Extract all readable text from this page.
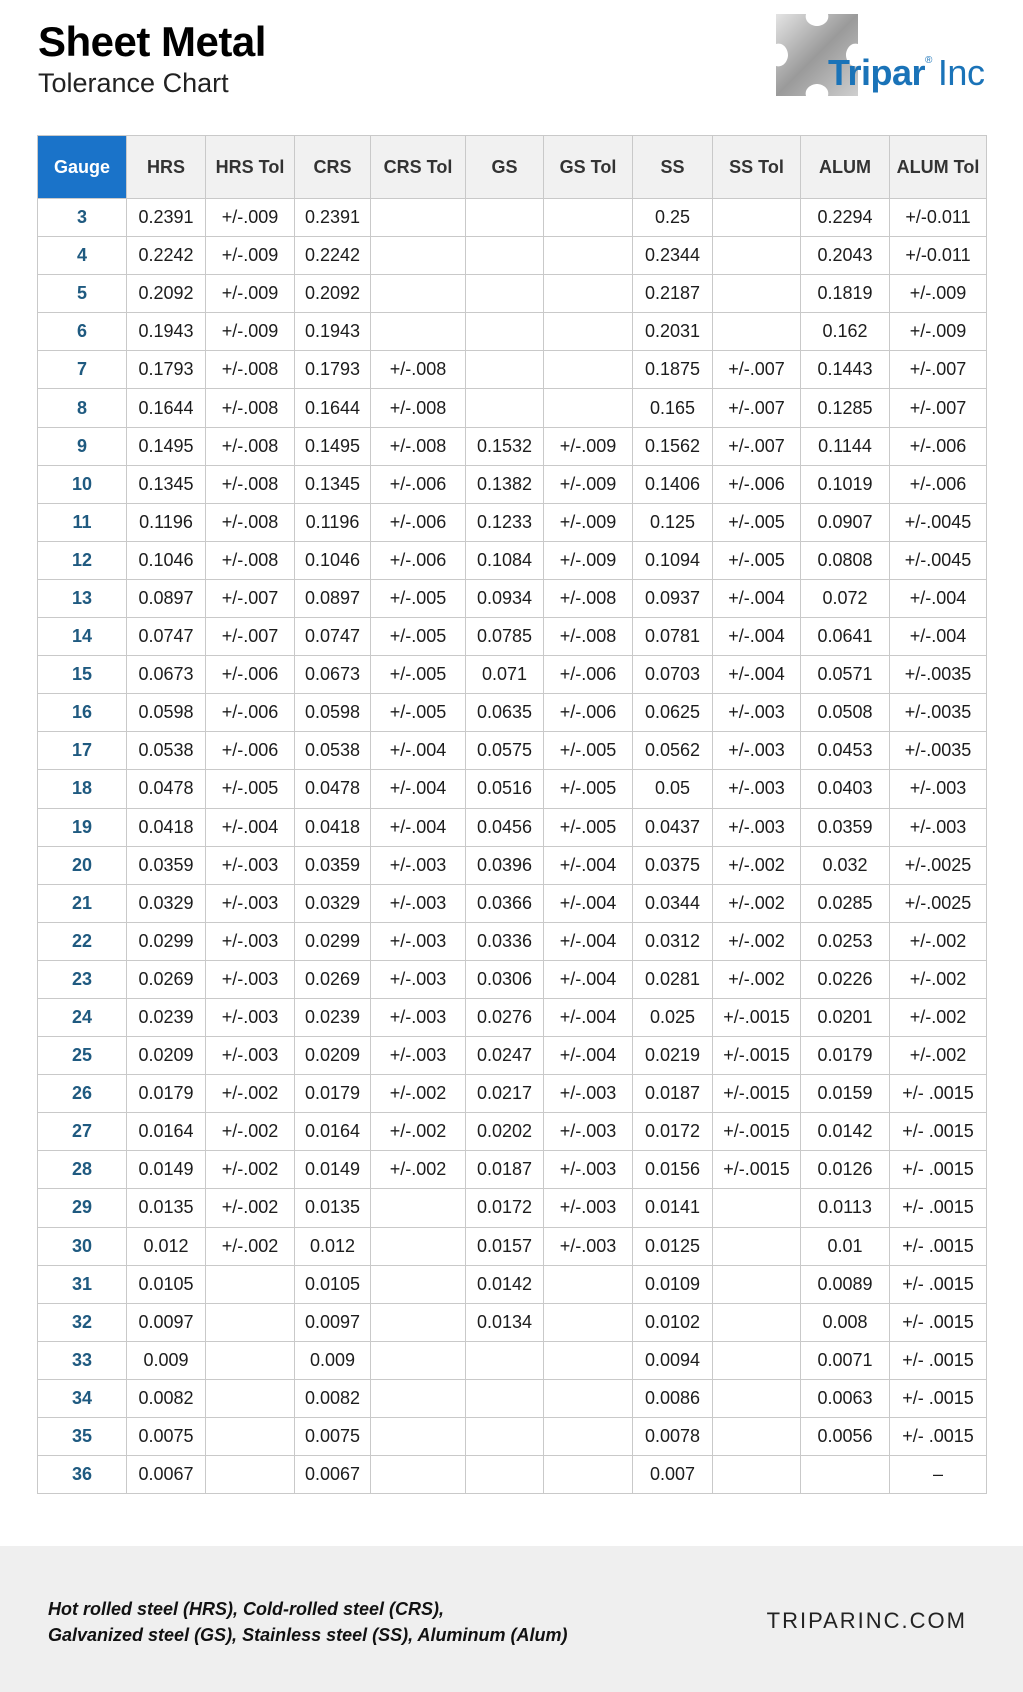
Sheet Metal
Tolerance Chart	Tripar® Inc
Gauge	HRS	HRS Tol	CRS	CRS Tol	GS	GS Tol	SS	SS Tol	ALUM	ALUM Tol
3	0.2391	+/-.009	0.2391				0.25		0.2294	+/-0.011
4	0.2242	+/-.009	0.2242				0.2344		0.2043	+/-0.011
5	0.2092	+/-.009	0.2092				0.2187		0.1819	+/-.009
6	0.1943	+/-.009	0.1943				0.2031		0.162	+/-.009
7	0.1793	+/-.008	0.1793	+/-.008			0.1875	+/-.007	0.1443	+/-.007
8	0.1644	+/-.008	0.1644	+/-.008			0.165	+/-.007	0.1285	+/-.007
9	0.1495	+/-.008	0.1495	+/-.008	0.1532	+/-.009	0.1562	+/-.007	0.1144	+/-.006
10	0.1345	+/-.008	0.1345	+/-.006	0.1382	+/-.009	0.1406	+/-.006	0.1019	+/-.006
11	0.1196	+/-.008	0.1196	+/-.006	0.1233	+/-.009	0.125	+/-.005	0.0907	+/-.0045
12	0.1046	+/-.008	0.1046	+/-.006	0.1084	+/-.009	0.1094	+/-.005	0.0808	+/-.0045
13	0.0897	+/-.007	0.0897	+/-.005	0.0934	+/-.008	0.0937	+/-.004	0.072	+/-.004
14	0.0747	+/-.007	0.0747	+/-.005	0.0785	+/-.008	0.0781	+/-.004	0.0641	+/-.004
15	0.0673	+/-.006	0.0673	+/-.005	0.071	+/-.006	0.0703	+/-.004	0.0571	+/-.0035
16	0.0598	+/-.006	0.0598	+/-.005	0.0635	+/-.006	0.0625	+/-.003	0.0508	+/-.0035
17	0.0538	+/-.006	0.0538	+/-.004	0.0575	+/-.005	0.0562	+/-.003	0.0453	+/-.0035
18	0.0478	+/-.005	0.0478	+/-.004	0.0516	+/-.005	0.05	+/-.003	0.0403	+/-.003
19	0.0418	+/-.004	0.0418	+/-.004	0.0456	+/-.005	0.0437	+/-.003	0.0359	+/-.003
20	0.0359	+/-.003	0.0359	+/-.003	0.0396	+/-.004	0.0375	+/-.002	0.032	+/-.0025
21	0.0329	+/-.003	0.0329	+/-.003	0.0366	+/-.004	0.0344	+/-.002	0.0285	+/-.0025
22	0.0299	+/-.003	0.0299	+/-.003	0.0336	+/-.004	0.0312	+/-.002	0.0253	+/-.002
23	0.0269	+/-.003	0.0269	+/-.003	0.0306	+/-.004	0.0281	+/-.002	0.0226	+/-.002
24	0.0239	+/-.003	0.0239	+/-.003	0.0276	+/-.004	0.025	+/-.0015	0.0201	+/-.002
25	0.0209	+/-.003	0.0209	+/-.003	0.0247	+/-.004	0.0219	+/-.0015	0.0179	+/-.002
26	0.0179	+/-.002	0.0179	+/-.002	0.0217	+/-.003	0.0187	+/-.0015	0.0159	+/- .0015
27	0.0164	+/-.002	0.0164	+/-.002	0.0202	+/-.003	0.0172	+/-.0015	0.0142	+/- .0015
28	0.0149	+/-.002	0.0149	+/-.002	0.0187	+/-.003	0.0156	+/-.0015	0.0126	+/- .0015
29	0.0135	+/-.002	0.0135		0.0172	+/-.003	0.0141		0.0113	+/- .0015
30	0.012	+/-.002	0.012		0.0157	+/-.003	0.0125		0.01	+/- .0015
31	0.0105		0.0105		0.0142		0.0109		0.0089	+/- .0015
32	0.0097		0.0097		0.0134		0.0102		0.008	+/- .0015
33	0.009		0.009				0.0094		0.0071	+/- .0015
34	0.0082		0.0082				0.0086		0.0063	+/- .0015
35	0.0075		0.0075				0.0078		0.0056	+/- .0015
36	0.0067		0.0067				0.007			–
Hot rolled steel (HRS), Cold-rolled steel (CRS),
Galvanized steel (GS), Stainless steel (SS), Aluminum (Alum)
TRIPARINC.COM
